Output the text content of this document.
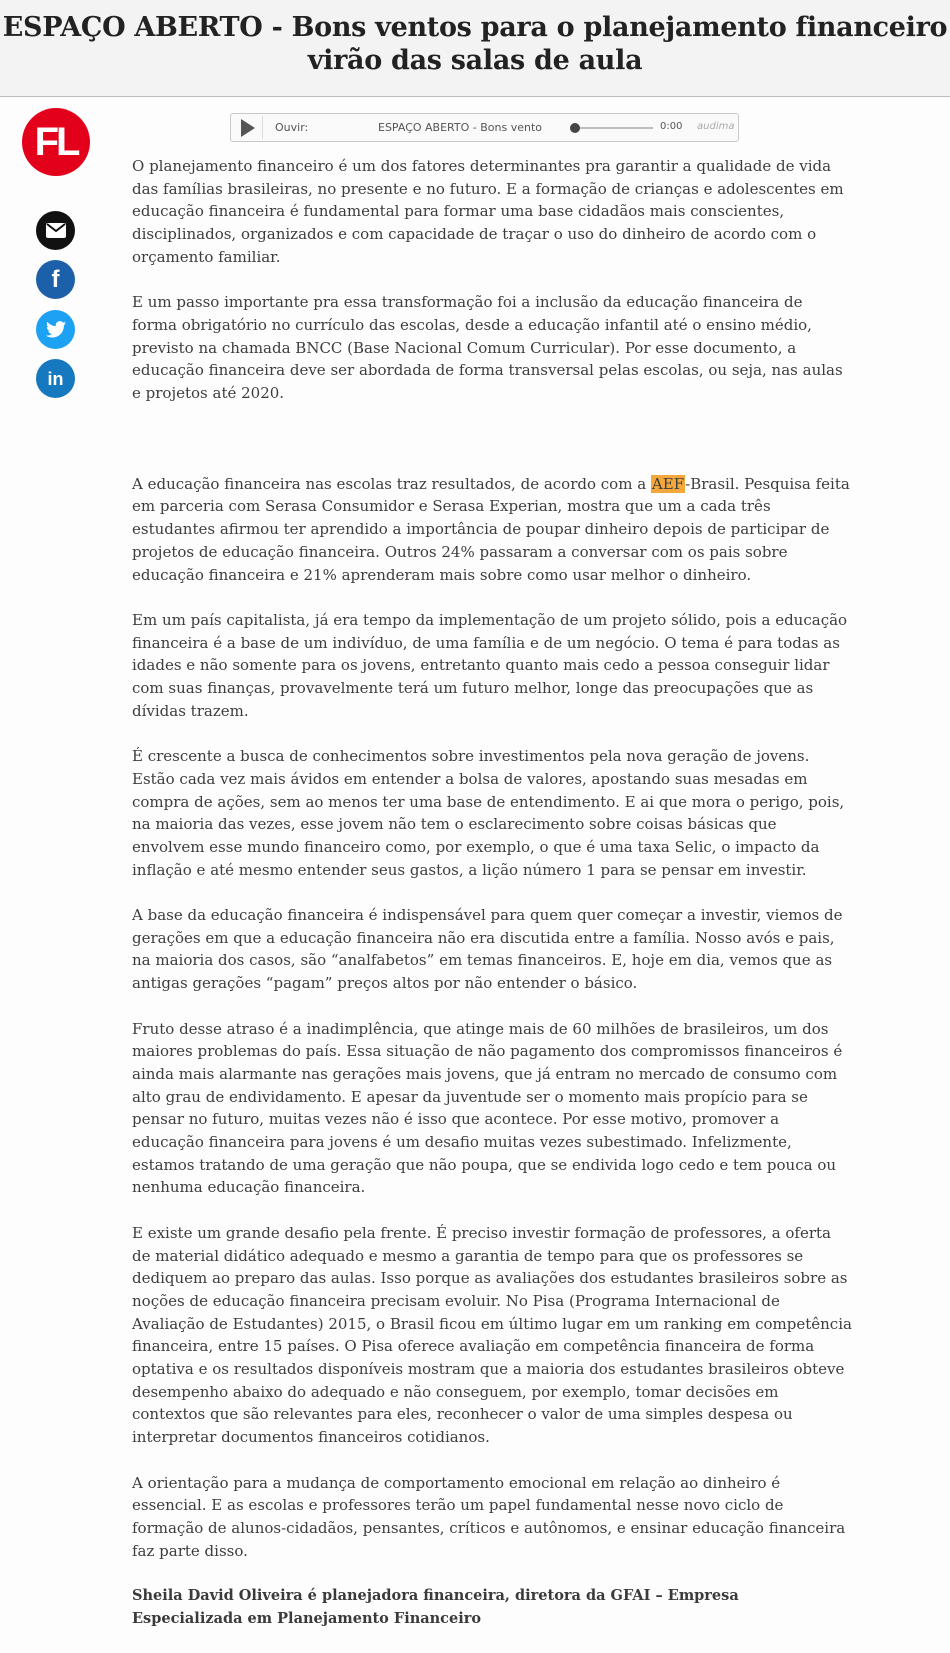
ESPAÇO ABERTO - Bons ventos para o planejamento financeiro virão das salas de aula
FL
f
in
Ouvir:	ESPAÇO ABERTO - Bons vento	0:00 audima

O planejamento financeiro é um dos fatores determinantes pra garantir a qualidade de vida das famílias brasileiras, no presente e no futuro. E a formação de crianças e adolescentes em educação financeira é fundamental para formar uma base cidadãos mais conscientes, disciplinados, organizados e com capacidade de traçar o uso do dinheiro de acordo com o orçamento familiar.

E um passo importante pra essa transformação foi a inclusão da educação financeira de forma obrigatório no currículo das escolas, desde a educação infantil até o ensino médio, previsto na chamada BNCC (Base Nacional Comum Curricular). Por esse documento, a educação financeira deve ser abordada de forma transversal pelas escolas, ou seja, nas aulas e projetos até 2020.

A educação financeira nas escolas traz resultados, de acordo com a AEF-Brasil. Pesquisa feita em parceria com Serasa Consumidor e Serasa Experian, mostra que um a cada três estudantes afirmou ter aprendido a importância de poupar dinheiro depois de participar de projetos de educação financeira. Outros 24% passaram a conversar com os pais sobre educação financeira e 21% aprenderam mais sobre como usar melhor o dinheiro.

Em um país capitalista, já era tempo da implementação de um projeto sólido, pois a educação financeira é a base de um indivíduo, de uma família e de um negócio. O tema é para todas as idades e não somente para os jovens, entretanto quanto mais cedo a pessoa conseguir lidar com suas finanças, provavelmente terá um futuro melhor, longe das preocupações que as dívidas trazem.

É crescente a busca de conhecimentos sobre investimentos pela nova geração de jovens. Estão cada vez mais ávidos em entender a bolsa de valores, apostando suas mesadas em compra de ações, sem ao menos ter uma base de entendimento. E ai que mora o perigo, pois, na maioria das vezes, esse jovem não tem o esclarecimento sobre coisas básicas que envolvem esse mundo financeiro como, por exemplo, o que é uma taxa Selic, o impacto da inflação e até mesmo entender seus gastos, a lição número 1 para se pensar em investir.

A base da educação financeira é indispensável para quem quer começar a investir, viemos de gerações em que a educação financeira não era discutida entre a família. Nosso avós e pais, na maioria dos casos, são “analfabetos” em temas financeiros. E, hoje em dia, vemos que as antigas gerações “pagam” preços altos por não entender o básico.

Fruto desse atraso é a inadimplência, que atinge mais de 60 milhões de brasileiros, um dos maiores problemas do país. Essa situação de não pagamento dos compromissos financeiros é ainda mais alarmante nas gerações mais jovens, que já entram no mercado de consumo com alto grau de endividamento. E apesar da juventude ser o momento mais propício para se pensar no futuro, muitas vezes não é isso que acontece. Por esse motivo, promover a educação financeira para jovens é um desafio muitas vezes subestimado. Infelizmente, estamos tratando de uma geração que não poupa, que se endivida logo cedo e tem pouca ou nenhuma educação financeira.

E existe um grande desafio pela frente. É preciso investir formação de professores, a oferta de material didático adequado e mesmo a garantia de tempo para que os professores se dediquem ao preparo das aulas. Isso porque as avaliações dos estudantes brasileiros sobre as noções de educação financeira precisam evoluir. No Pisa (Programa Internacional de Avaliação de Estudantes) 2015, o Brasil ficou em último lugar em um ranking em competência financeira, entre 15 países. O Pisa oferece avaliação em competência financeira de forma optativa e os resultados disponíveis mostram que a maioria dos estudantes brasileiros obteve desempenho abaixo do adequado e não conseguem, por exemplo, tomar decisões em contextos que são relevantes para eles, reconhecer o valor de uma simples despesa ou interpretar documentos financeiros cotidianos.

A orientação para a mudança de comportamento emocional em relação ao dinheiro é essencial. E as escolas e professores terão um papel fundamental nesse novo ciclo de formação de alunos-cidadãos, pensantes, críticos e autônomos, e ensinar educação financeira faz parte disso.

Sheila David Oliveira é planejadora financeira, diretora da GFAI – Empresa Especializada em Planejamento Financeiro
